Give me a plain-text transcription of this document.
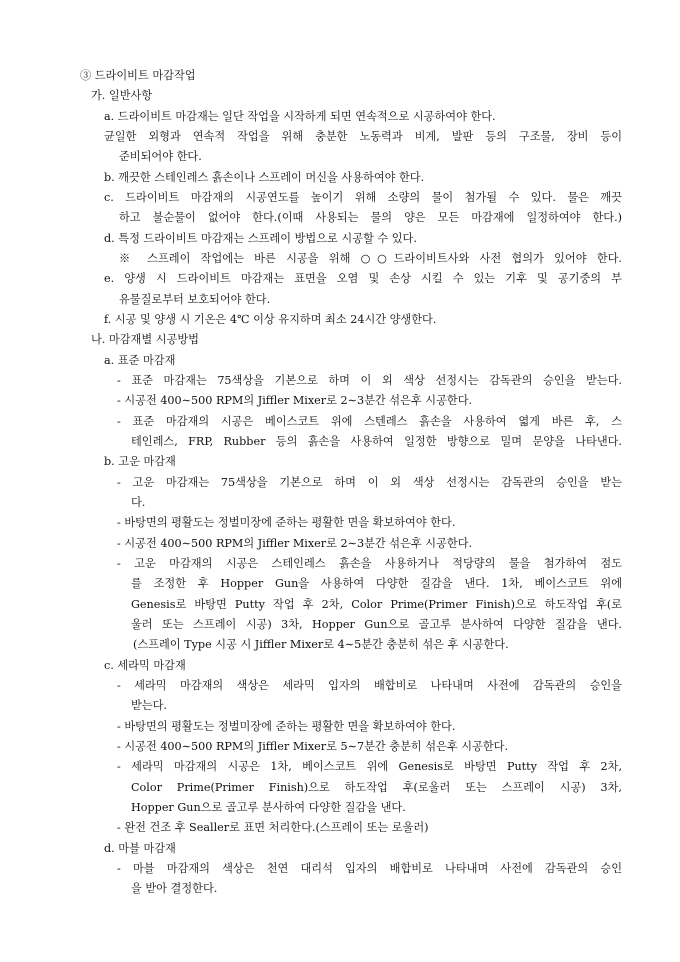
③ 드라이비트 마감작업
가. 일반사항
a. 드라이비트 마감재는 일단 작업을 시작하게 되면 연속적으로 시공하여야 한다.
균일한 외형과 연속적 작업을 위해 충분한 노동력과 비계, 발판 등의 구조물, 장비 등이
준비되어야 한다.
b. 깨끗한 스테인레스 흙손이나 스프레이 머신을 사용하여야 한다.
c. 드라이비트 마감재의 시공연도를 높이기 위해 소량의 물이 첨가될 수 있다. 물은 깨끗
하고 불순물이 없어야 한다.(이때 사용되는 물의 양은 모든 마감재에 일정하여야 한다.)
d. 특정 드라이비트 마감재는 스프레이 방법으로 시공할 수 있다.
※ 스프레이 작업에는 바른 시공을 위해 ○○드라이비트사와 사전 협의가 있어야 한다.
e. 양생 시 드라이비트 마감재는 표면을 오염 및 손상 시킬 수 있는 기후 및 공기중의 부
유물질로부터 보호되어야 한다.
f. 시공 및 양생 시 기온은 4℃ 이상 유지하며 최소 24시간 양생한다.
나. 마감재별 시공방법
a. 표준 마감재
- 표준 마감재는 75색상을 기본으로 하며 이 외 색상 선정시는 감독관의 승인을 받는다.
- 시공전 400∼500 RPM의 Jiffler Mixer로 2∼3분간 섞은후 시공한다.
- 표준 마감재의 시공은 베이스코트 위에 스텐레스 흙손을 사용하여 엷게 바른 후, 스
테인레스, FRP, Rubber 등의 흙손을 사용하여 일정한 방향으로 밀며 문양을 나타낸다.
b. 고운 마감재
- 고운 마감재는 75색상을 기본으로 하며 이 외 색상 선정시는 감독관의 승인을 받는
다.
- 바탕면의 평활도는 정벌미장에 준하는 평활한 면을 확보하여야 한다.
- 시공전 400∼500 RPM의 Jiffler Mixer로 2∼3분간 섞은후 시공한다.
- 고운 마감재의 시공은 스테인레스 흙손을 사용하거나 적당량의 물을 첨가하여 점도
를 조정한 후 Hopper Gun을 사용하여 다양한 질감을 낸다. 1차, 베이스코트 위에
Genesis로 바탕면 Putty 작업 후 2차, Color Prime(Primer Finish)으로 하도작업 후(로
울러 또는 스프레이 시공) 3차, Hopper Gun으로 골고루 분사하여 다양한 질감을 낸다.
(스프레이 Type 시공 시 Jiffler Mixer로 4∼5분간 충분히 섞은 후 시공한다.
c. 세라믹 마감재
- 세라믹 마감재의 색상은 세라믹 입자의 배합비로 나타내며 사전에 감독관의 승인을
받는다.
- 바탕면의 평활도는 정벌미장에 준하는 평활한 면을 확보하여야 한다.
- 시공전 400∼500 RPM의 Jiffler Mixer로 5∼7분간 충분히 섞은후 시공한다.
- 세라믹 마감재의 시공은 1차, 베이스코트 위에 Genesis로 바탕면 Putty 작업 후 2차,
Color Prime(Primer Finish)으로 하도작업 후(로울러 또는 스프레이 시공) 3차,
Hopper Gun으로 골고루 분사하여 다양한 질감을 낸다.
- 완전 건조 후 Sealler로 표면 처리한다.(스프레이 또는 로울러)
d. 마블 마감재
- 마블 마감재의 색상은 천연 대리석 입자의 배합비로 나타내며 사전에 감독관의 승인
을 받아 결정한다.
